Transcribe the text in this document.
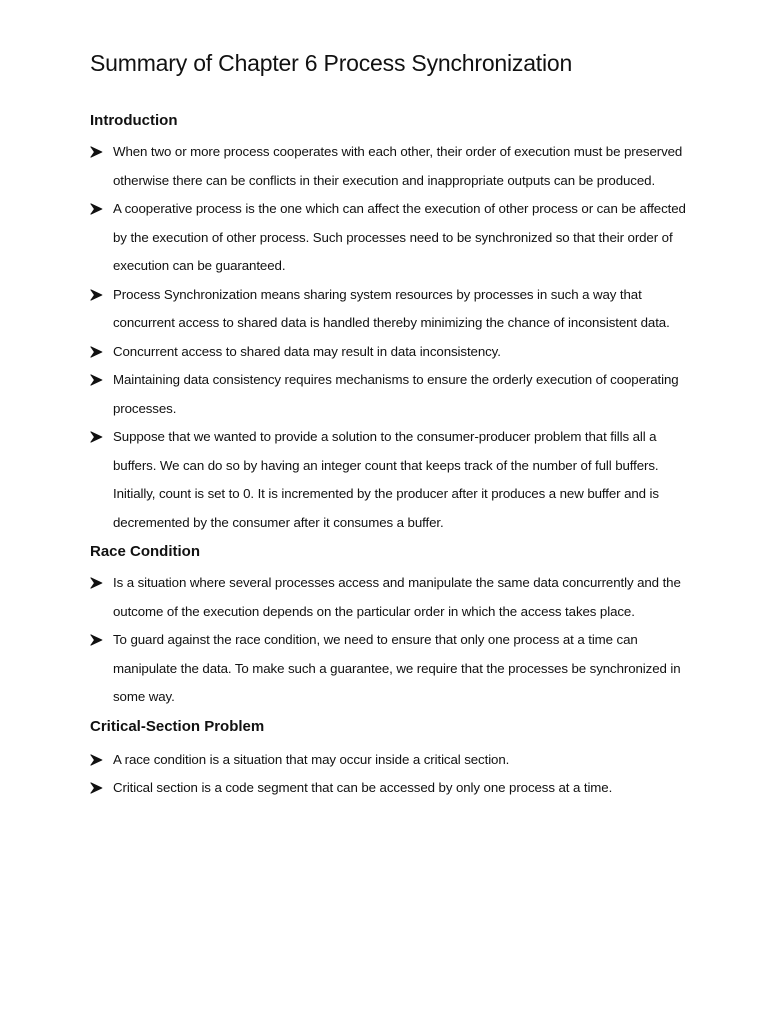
Summary of Chapter 6 Process Synchronization
Introduction
When two or more process cooperates with each other, their order of execution must be preserved otherwise there can be conflicts in their execution and inappropriate outputs can be produced.
A cooperative process is the one which can affect the execution of other process or can be affected by the execution of other process. Such processes need to be synchronized so that their order of execution can be guaranteed.
Process Synchronization means sharing system resources by processes in such a way that concurrent access to shared data is handled thereby minimizing the chance of inconsistent data.
Concurrent access to shared data may result in data inconsistency.
Maintaining data consistency requires mechanisms to ensure the orderly execution of cooperating processes.
Suppose that we wanted to provide a solution to the consumer-producer problem that fills all a buffers. We can do so by having an integer count that keeps track of the number of full buffers. Initially, count is set to 0. It is incremented by the producer after it produces a new buffer and is decremented by the consumer after it consumes a buffer.
Race Condition
Is a situation where several processes access and manipulate the same data concurrently and the outcome of the execution depends on the particular order in which the access takes place.
To guard against the race condition, we need to ensure that only one process at a time can manipulate the data. To make such a guarantee, we require that the processes be synchronized in some way.
Critical-Section Problem
A race condition is a situation that may occur inside a critical section.
Critical section is a code segment that can be accessed by only one process at a time.
